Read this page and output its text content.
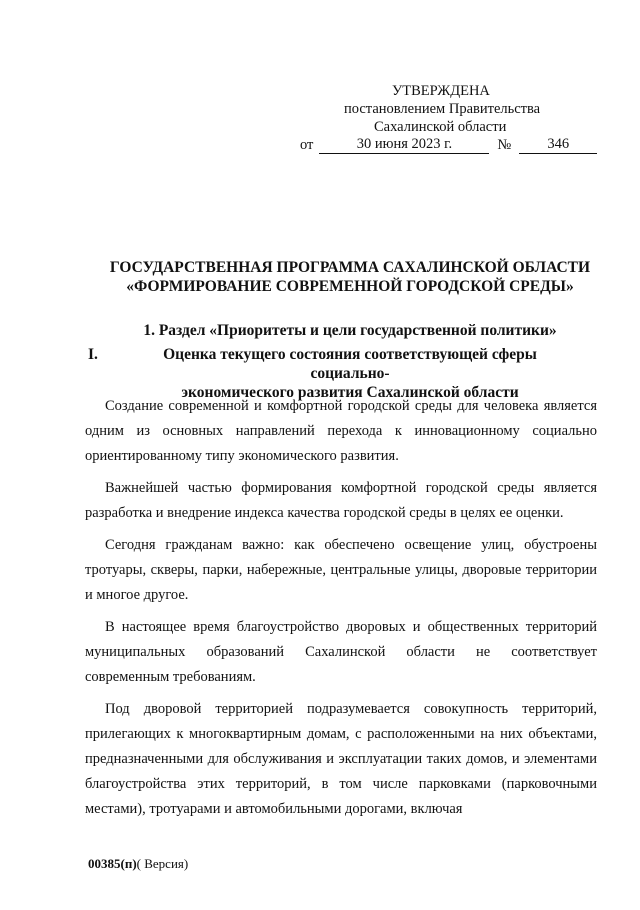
УТВЕРЖДЕНА
постановлением Правительства
Сахалинской области
от	30 июня 2023 г.	№	346
ГОСУДАРСТВЕННАЯ ПРОГРАММА САХАЛИНСКОЙ ОБЛАСТИ
«ФОРМИРОВАНИЕ СОВРЕМЕННОЙ ГОРОДСКОЙ СРЕДЫ»
1. Раздел «Приоритеты и цели государственной политики»
I.	Оценка текущего состояния соответствующей сферы социально-
экономического развития Сахалинской области

Создание современной и комфортной городской среды для человека является одним из основных направлений перехода к инновационному социально ориентированному типу экономического развития.

Важнейшей частью формирования комфортной городской среды является разработка и внедрение индекса качества городской среды в целях ее оценки.

Сегодня гражданам важно: как обеспечено освещение улиц, обустроены тротуары, скверы, парки, набережные, центральные улицы, дворовые территории и многое другое.

В настоящее время благоустройство дворовых и общественных территорий муниципальных образований Сахалинской области не соответствует современным требованиям.

Под дворовой территорией подразумевается совокупность территорий, прилегающих к многоквартирным домам, с расположенными на них объектами, предназначенными для обслуживания и эксплуатации таких домов, и элементами благоустройства этих территорий, в том числе парковками (парковочными местами), тротуарами и автомобильными дорогами, включая

00385(п)( Версия)
